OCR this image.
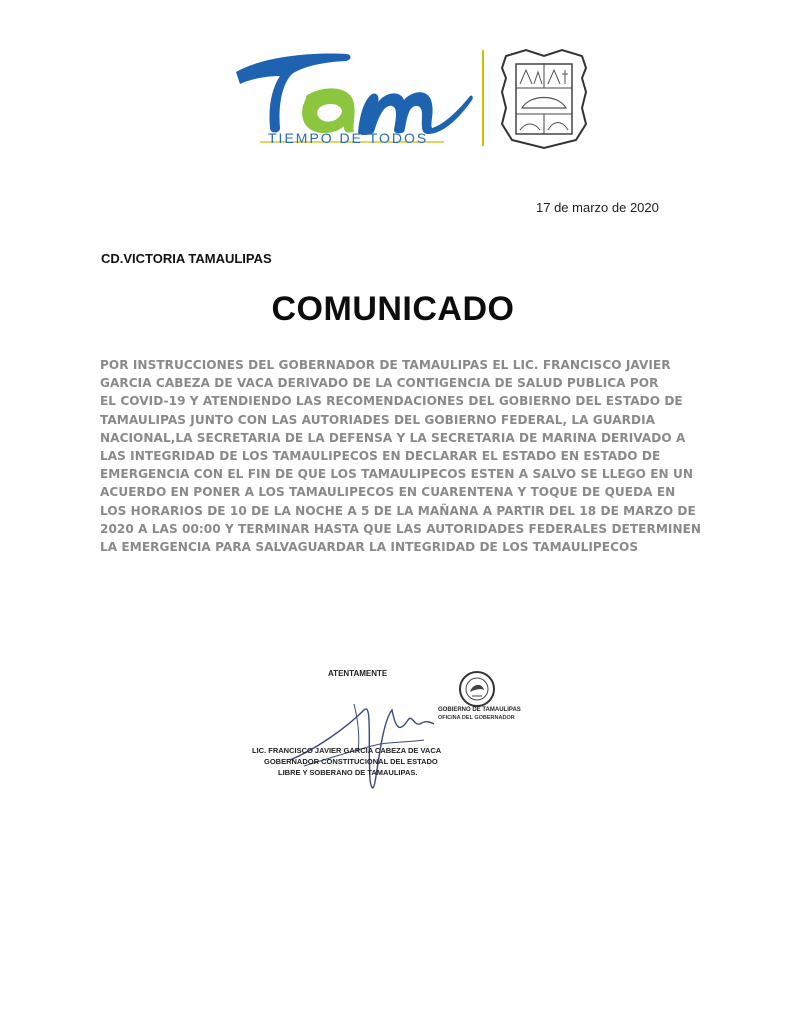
TIEMPO DE TODOS
17 de marzo de 2020
CD.VICTORIA TAMAULIPAS
COMUNICADO
POR INSTRUCCIONES DEL GOBERNADOR DE TAMAULIPAS EL LIC. FRANCISCO JAVIER
GARCIA CABEZA DE VACA DERIVADO DE LA CONTIGENCIA DE SALUD PUBLICA POR
EL COVID-19 Y ATENDIENDO LAS RECOMENDACIONES DEL GOBIERNO DEL ESTADO DE
TAMAULIPAS JUNTO CON LAS AUTORIADES DEL GOBIERNO FEDERAL, LA GUARDIA
NACIONAL,LA SECRETARIA DE LA DEFENSA Y LA SECRETARIA DE MARINA DERIVADO A
LAS INTEGRIDAD DE LOS TAMAULIPECOS EN DECLARAR EL ESTADO EN ESTADO DE
EMERGENCIA CON EL FIN DE QUE LOS TAMAULIPECOS ESTEN A SALVO SE LLEGO EN UN
ACUERDO EN PONER A LOS TAMAULIPECOS EN CUARENTENA Y TOQUE DE QUEDA EN
LOS HORARIOS DE 10 DE LA NOCHE A 5 DE LA MAÑANA A PARTIR DEL 18 DE MARZO DE
2020 A LAS 00:00 Y TERMINAR HASTA QUE LAS AUTORIDADES FEDERALES DETERMINEN
LA EMERGENCIA PARA SALVAGUARDAR LA INTEGRIDAD DE LOS TAMAULIPECOS
ATENTAMENTE
GOBIERNO DE TAMAULIPAS
OFICINA DEL GOBERNADOR
LIC. FRANCISCO JAVIER GARCIA CABEZA DE VACA
GOBERNADOR CONSTITUCIONAL DEL ESTADO
LIBRE Y SOBERANO DE TAMAULIPAS.
